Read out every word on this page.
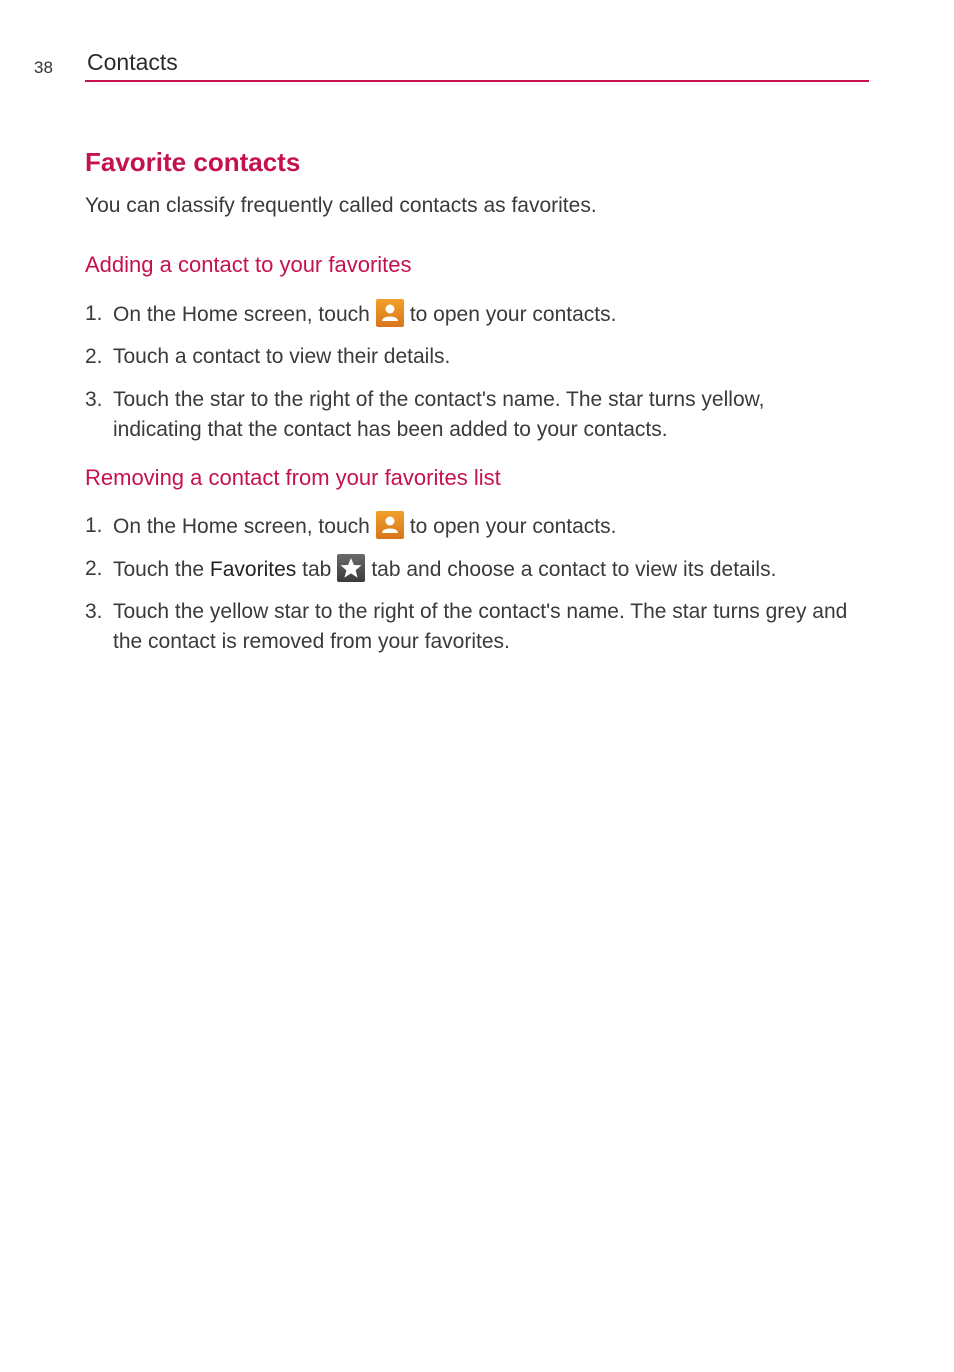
38 Contacts
Favorite contacts

You can classify frequently called contacts as favorites.

Adding a contact to your favorites
1. On the Home screen, touch to open your contacts.
2. Touch a contact to view their details.
3. Touch the star to the right of the contact's name. The star turns yellow, indicating that the contact has been added to your contacts.
Removing a contact from your favorites list
1. On the Home screen, touch to open your contacts.
2. Touch the Favorites tab tab and choose a contact to view its details.
3. Touch the yellow star to the right of the contact's name. The star turns grey and the contact is removed from your favorites.
